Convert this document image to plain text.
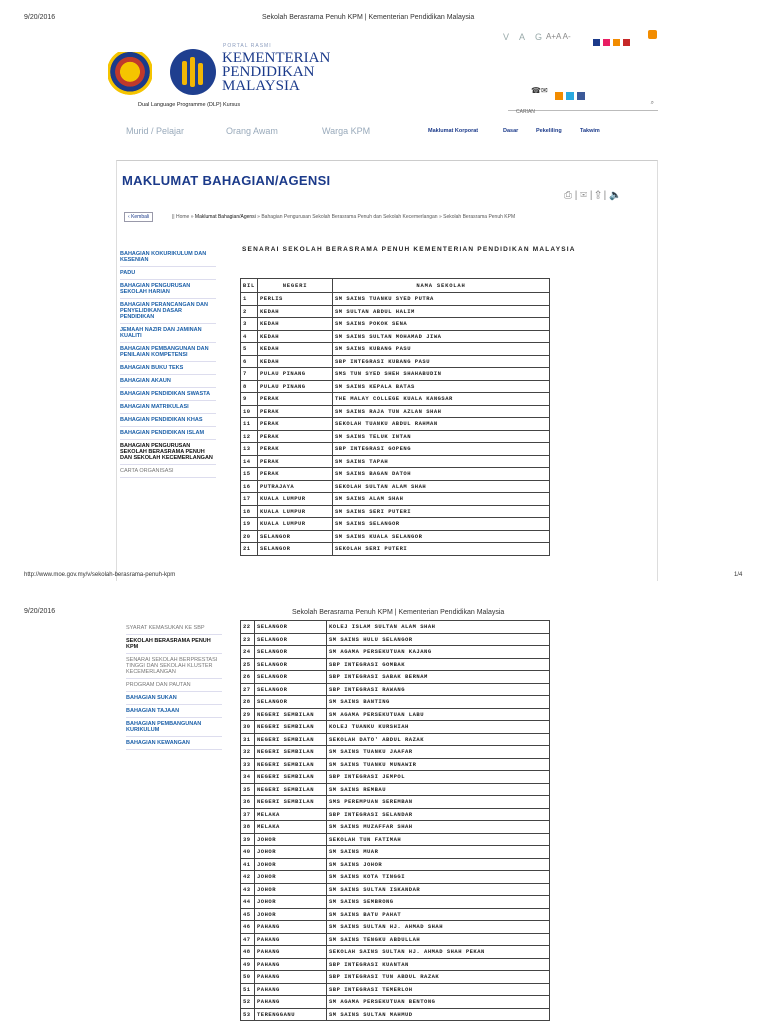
9/20/2016	Sekolah Berasrama Penuh KPM | Kementerian Pendidikan Malaysia
PORTAL RASMI
KEMENTERIAN
PENDIDIKAN
MALAYSIA
V A G A+A A-
☎✉
Dual Language Programme (DLP) Kursus
CARIAN
⌕
Murid / Pelajar	Orang Awam	Warga KPM	Maklumat Korporat	Dasar	Pekeliling	Takwim
MAKLUMAT BAHAGIAN/AGENSI
⎙ | ✉ | ⇪ | 🔈
‹ Kembali	|| Home » Maklumat Bahagian/Agensi » Bahagian Pengurusan Sekolah Berasrama Penuh dan Sekolah Kecemerlangan » Sekolah Berasrama Penuh KPM
BAHAGIAN KOKURIKULUM DAN KESENIAN
PADU
BAHAGIAN PENGURUSAN SEKOLAH HARIAN
BAHAGIAN PERANCANGAN DAN PENYELIDIKAN DASAR PENDIDIKAN
JEMAAH NAZIR DAN JAMINAN KUALITI
BAHAGIAN PEMBANGUNAN DAN PENILAIAN KOMPETENSI
BAHAGIAN BUKU TEKS
BAHAGIAN AKAUN
BAHAGIAN PENDIDIKAN SWASTA
BAHAGIAN MATRIKULASI
BAHAGIAN PENDIDIKAN KHAS
BAHAGIAN PENDIDIKAN ISLAM
BAHAGIAN PENGURUSAN SEKOLAH BERASRAMA PENUH DAN SEKOLAH KECEMERLANGAN
CARTA ORGANISASI
SENARAI SEKOLAH BERASRAMA PENUH KEMENTERIAN PENDIDIKAN MALAYSIA
BIL	NEGERI	NAMA SEKOLAH
1	PERLIS	SM SAINS TUANKU SYED PUTRA
2	KEDAH	SM SULTAN ABDUL HALIM
3	KEDAH	SM SAINS POKOK SENA
4	KEDAH	SM SAINS SULTAN MOHAMAD JIWA
5	KEDAH	SM SAINS KUBANG PASU
6	KEDAH	SBP INTEGRASI KUBANG PASU
7	PULAU PINANG	SMS TUN SYED SHEH SHAHABUDIN
8	PULAU PINANG	SM SAINS KEPALA BATAS
9	PERAK	THE MALAY COLLEGE KUALA KANGSAR
10	PERAK	SM SAINS RAJA TUN AZLAN SHAH
11	PERAK	SEKOLAH TUANKU ABDUL RAHMAN
12	PERAK	SM SAINS TELUK INTAN
13	PERAK	SBP INTEGRASI GOPENG
14	PERAK	SM SAINS TAPAH
15	PERAK	SM SAINS BAGAN DATOH
16	PUTRAJAYA	SEKOLAH SULTAN ALAM SHAH
17	KUALA LUMPUR	SM SAINS ALAM SHAH
18	KUALA LUMPUR	SM SAINS SERI PUTERI
19	KUALA LUMPUR	SM SAINS SELANGOR
20	SELANGOR	SM SAINS KUALA SELANGOR
21	SELANGOR	SEKOLAH SERI PUTERI
http://www.moe.gov.my/v/sekolah-berasrama-penuh-kpm	1/4
9/20/2016	Sekolah Berasrama Penuh KPM | Kementerian Pendidikan Malaysia
SYARAT KEMASUKAN KE SBP
SEKOLAH BERASRAMA PENUH KPM
SENARAI SEKOLAH BERPRESTASI TINGGI DAN SEKOLAH KLUSTER KECEMERLANGAN
PROGRAM DAN PAUTAN
BAHAGIAN SUKAN
BAHAGIAN TAJAAN
BAHAGIAN PEMBANGUNAN KURIKULUM
BAHAGIAN KEWANGAN
22	SELANGOR	KOLEJ ISLAM SULTAN ALAM SHAH
23	SELANGOR	SM SAINS HULU SELANGOR
24	SELANGOR	SM AGAMA PERSEKUTUAN KAJANG
25	SELANGOR	SBP INTEGRASI GOMBAK
26	SELANGOR	SBP INTEGRASI SABAK BERNAM
27	SELANGOR	SBP INTEGRASI RAWANG
28	SELANGOR	SM SAINS BANTING
29	NEGERI SEMBILAN	SM AGAMA PERSEKUTUAN LABU
30	NEGERI SEMBILAN	KOLEJ TUANKU KURSHIAH
31	NEGERI SEMBILAN	SEKOLAH DATO' ABDUL RAZAK
32	NEGERI SEMBILAN	SM SAINS TUANKU JAAFAR
33	NEGERI SEMBILAN	SM SAINS TUANKU MUNAWIR
34	NEGERI SEMBILAN	SBP INTEGRASI JEMPOL
35	NEGERI SEMBILAN	SM SAINS REMBAU
36	NEGERI SEMBILAN	SMS PEREMPUAN SEREMBAN
37	MELAKA	SBP INTEGRASI SELANDAR
38	MELAKA	SM SAINS MUZAFFAR SHAH
39	JOHOR	SEKOLAH TUN FATIMAH
40	JOHOR	SM SAINS MUAR
41	JOHOR	SM SAINS JOHOR
42	JOHOR	SM SAINS KOTA TINGGI
43	JOHOR	SM SAINS SULTAN ISKANDAR
44	JOHOR	SM SAINS SEMBRONG
45	JOHOR	SM SAINS BATU PAHAT
46	PAHANG	SM SAINS SULTAN HJ. AHMAD SHAH
47	PAHANG	SM SAINS TENGKU ABDULLAH
48	PAHANG	SEKOLAH SAINS SULTAN HJ. AHMAD SHAH PEKAN
49	PAHANG	SBP INTEGRASI KUANTAN
50	PAHANG	SBP INTEGRASI TUN ABDUL RAZAK
51	PAHANG	SBP INTEGRASI TEMERLOH
52	PAHANG	SM AGAMA PERSEKUTUAN BENTONG
53	TERENGGANU	SM SAINS SULTAN MAHMUD
